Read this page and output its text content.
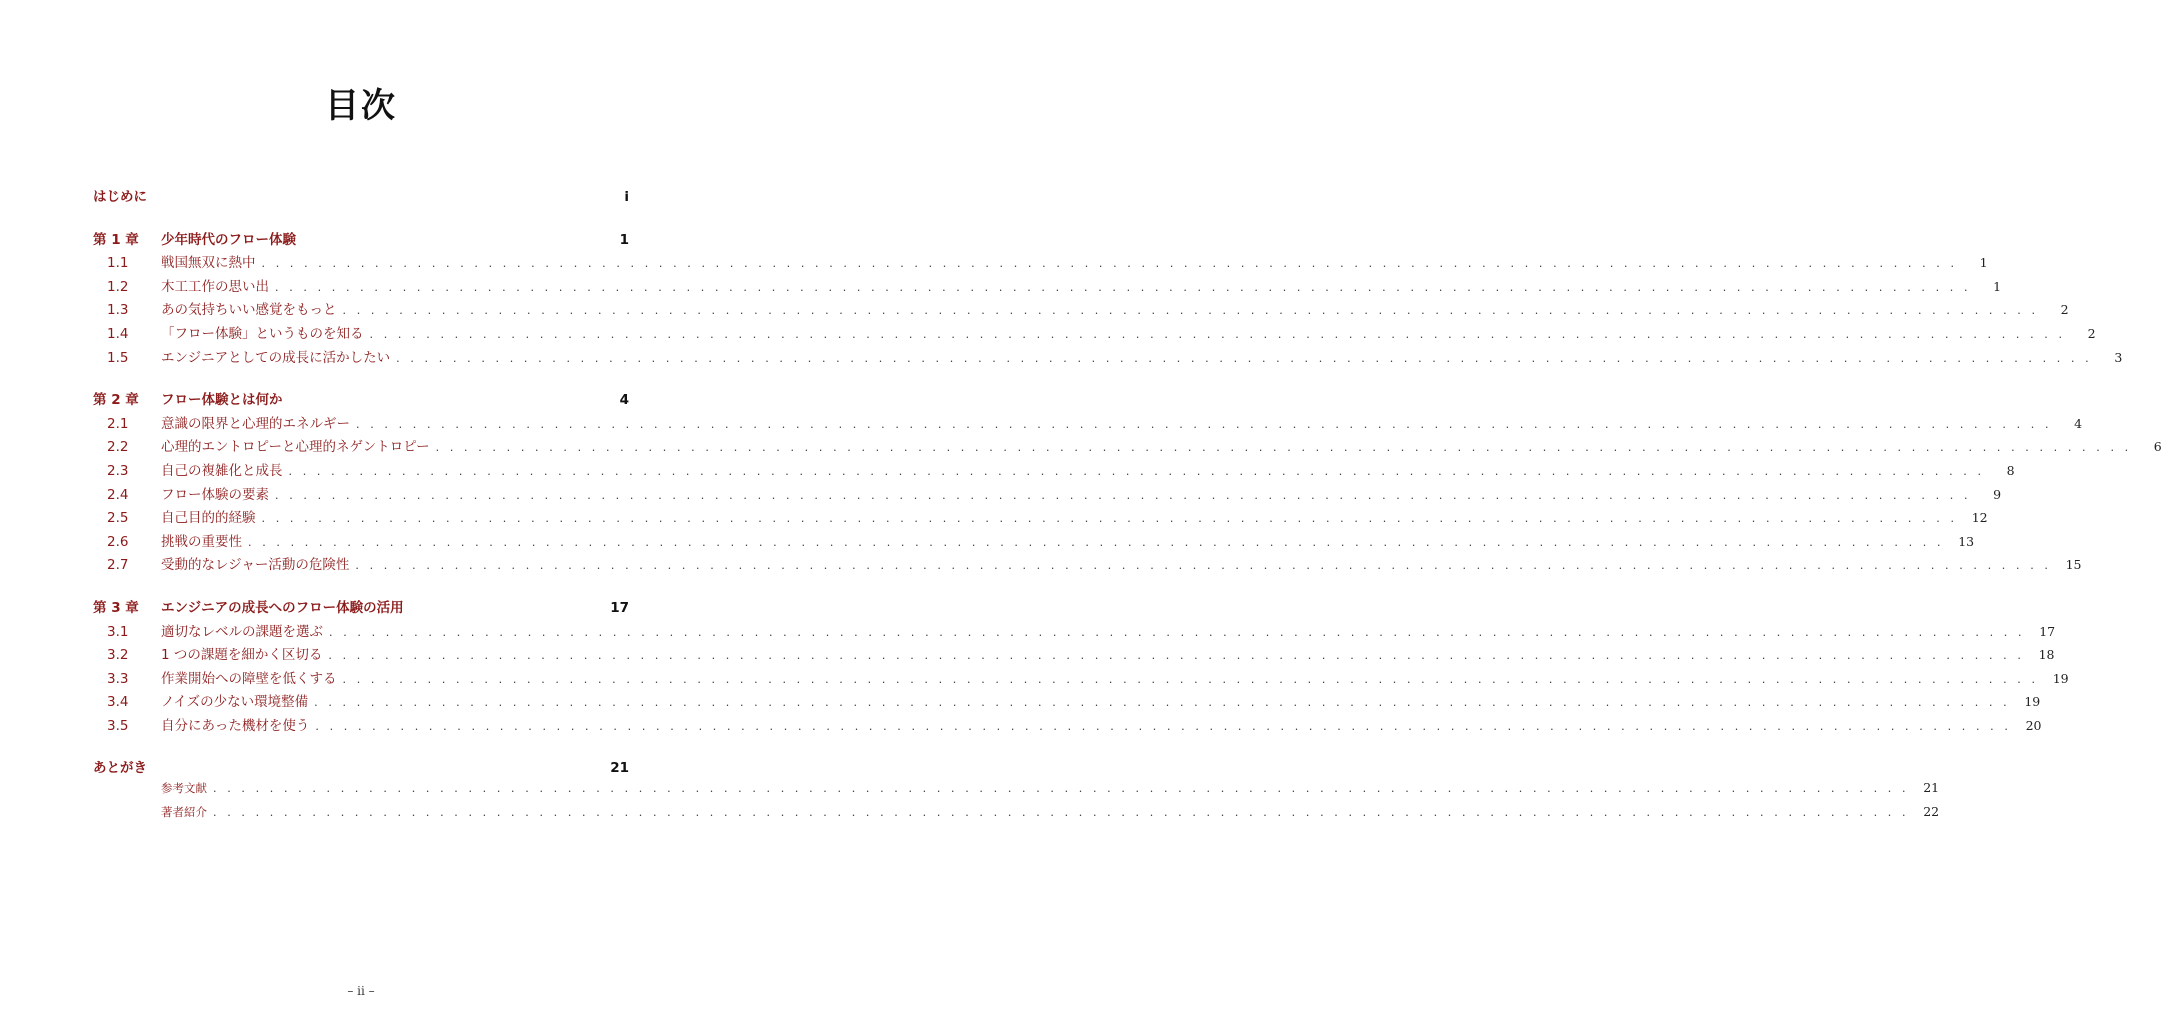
目次
はじめに	i
第 1 章	少年時代のフロー体験	1
1.1	戦国無双に熱中 . . . . . . . . . . . . . . . . . . . . . . . . . . . . . . . . . . . . . . . . . . . . . . . . . . . . . . . . . . . . . . . . . . . . . . . . . . . . . . . . . . . . . . . . . . . . . . . . . . . . . . . . . . . . . . . . . . . . . . . .	1
1.2	木工工作の思い出 . . . . . . . . . . . . . . . . . . . . . . . . . . . . . . . . . . . . . . . . . . . . . . . . . . . . . . . . . . . . . . . . . . . . . . . . . . . . . . . . . . . . . . . . . . . . . . . . . . . . . . . . . . . . . . . . . . . . . . . .	1
1.3	あの気持ちいい感覚をもっと . . . . . . . . . . . . . . . . . . . . . . . . . . . . . . . . . . . . . . . . . . . . . . . . . . . . . . . . . . . . . . . . . . . . . . . . . . . . . . . . . . . . . . . . . . . . . . . . . . . . . . . . . . . . . . . . . . . . . . . .	2
1.4	「フロー体験」というものを知る . . . . . . . . . . . . . . . . . . . . . . . . . . . . . . . . . . . . . . . . . . . . . . . . . . . . . . . . . . . . . . . . . . . . . . . . . . . . . . . . . . . . . . . . . . . . . . . . . . . . . . . . . . . . . . . . . . . . . . . .	2
1.5	エンジニアとしての成長に活かしたい . . . . . . . . . . . . . . . . . . . . . . . . . . . . . . . . . . . . . . . . . . . . . . . . . . . . . . . . . . . . . . . . . . . . . . . . . . . . . . . . . . . . . . . . . . . . . . . . . . . . . . . . . . . . . . . . . . . . . . . .	3
第 2 章	フロー体験とは何か	4
2.1	意識の限界と心理的エネルギー . . . . . . . . . . . . . . . . . . . . . . . . . . . . . . . . . . . . . . . . . . . . . . . . . . . . . . . . . . . . . . . . . . . . . . . . . . . . . . . . . . . . . . . . . . . . . . . . . . . . . . . . . . . . . . . . . . . . . . . .	4
2.2	心理的エントロピーと心理的ネゲントロピー . . . . . . . . . . . . . . . . . . . . . . . . . . . . . . . . . . . . . . . . . . . . . . . . . . . . . . . . . . . . . . . . . . . . . . . . . . . . . . . . . . . . . . . . . . . . . . . . . . . . . . . . . . . . . . . . . . . . . . . .	6
2.3	自己の複雑化と成長 . . . . . . . . . . . . . . . . . . . . . . . . . . . . . . . . . . . . . . . . . . . . . . . . . . . . . . . . . . . . . . . . . . . . . . . . . . . . . . . . . . . . . . . . . . . . . . . . . . . . . . . . . . . . . . . . . . . . . . . .	8
2.4	フロー体験の要素 . . . . . . . . . . . . . . . . . . . . . . . . . . . . . . . . . . . . . . . . . . . . . . . . . . . . . . . . . . . . . . . . . . . . . . . . . . . . . . . . . . . . . . . . . . . . . . . . . . . . . . . . . . . . . . . . . . . . . . . .	9
2.5	自己目的的経験 . . . . . . . . . . . . . . . . . . . . . . . . . . . . . . . . . . . . . . . . . . . . . . . . . . . . . . . . . . . . . . . . . . . . . . . . . . . . . . . . . . . . . . . . . . . . . . . . . . . . . . . . . . . . . . . . . . . . . . . .	12
2.6	挑戦の重要性 . . . . . . . . . . . . . . . . . . . . . . . . . . . . . . . . . . . . . . . . . . . . . . . . . . . . . . . . . . . . . . . . . . . . . . . . . . . . . . . . . . . . . . . . . . . . . . . . . . . . . . . . . . . . . . . . . . . . . . . .	13
2.7	受動的なレジャー活動の危険性 . . . . . . . . . . . . . . . . . . . . . . . . . . . . . . . . . . . . . . . . . . . . . . . . . . . . . . . . . . . . . . . . . . . . . . . . . . . . . . . . . . . . . . . . . . . . . . . . . . . . . . . . . . . . . . . . . . . . . . . .	15
第 3 章	エンジニアの成長へのフロー体験の活用	17
3.1	適切なレベルの課題を選ぶ . . . . . . . . . . . . . . . . . . . . . . . . . . . . . . . . . . . . . . . . . . . . . . . . . . . . . . . . . . . . . . . . . . . . . . . . . . . . . . . . . . . . . . . . . . . . . . . . . . . . . . . . . . . . . . . . . . . . . . . .	17
3.2	1 つの課題を細かく区切る . . . . . . . . . . . . . . . . . . . . . . . . . . . . . . . . . . . . . . . . . . . . . . . . . . . . . . . . . . . . . . . . . . . . . . . . . . . . . . . . . . . . . . . . . . . . . . . . . . . . . . . . . . . . . . . . . . . . . . . .	18
3.3	作業開始への障壁を低くする . . . . . . . . . . . . . . . . . . . . . . . . . . . . . . . . . . . . . . . . . . . . . . . . . . . . . . . . . . . . . . . . . . . . . . . . . . . . . . . . . . . . . . . . . . . . . . . . . . . . . . . . . . . . . . . . . . . . . . . .	19
3.4	ノイズの少ない環境整備 . . . . . . . . . . . . . . . . . . . . . . . . . . . . . . . . . . . . . . . . . . . . . . . . . . . . . . . . . . . . . . . . . . . . . . . . . . . . . . . . . . . . . . . . . . . . . . . . . . . . . . . . . . . . . . . . . . . . . . . .	19
3.5	自分にあった機材を使う . . . . . . . . . . . . . . . . . . . . . . . . . . . . . . . . . . . . . . . . . . . . . . . . . . . . . . . . . . . . . . . . . . . . . . . . . . . . . . . . . . . . . . . . . . . . . . . . . . . . . . . . . . . . . . . . . . . . . . . .	20
あとがき	21
参考文献 . . . . . . . . . . . . . . . . . . . . . . . . . . . . . . . . . . . . . . . . . . . . . . . . . . . . . . . . . . . . . . . . . . . . . . . . . . . . . . . . . . . . . . . . . . . . . . . . . . . . . . . . . . . . . . . . . . . . . . . .	21
著者紹介 . . . . . . . . . . . . . . . . . . . . . . . . . . . . . . . . . . . . . . . . . . . . . . . . . . . . . . . . . . . . . . . . . . . . . . . . . . . . . . . . . . . . . . . . . . . . . . . . . . . . . . . . . . . . . . . . . . . . . . . .	22
– ii –
